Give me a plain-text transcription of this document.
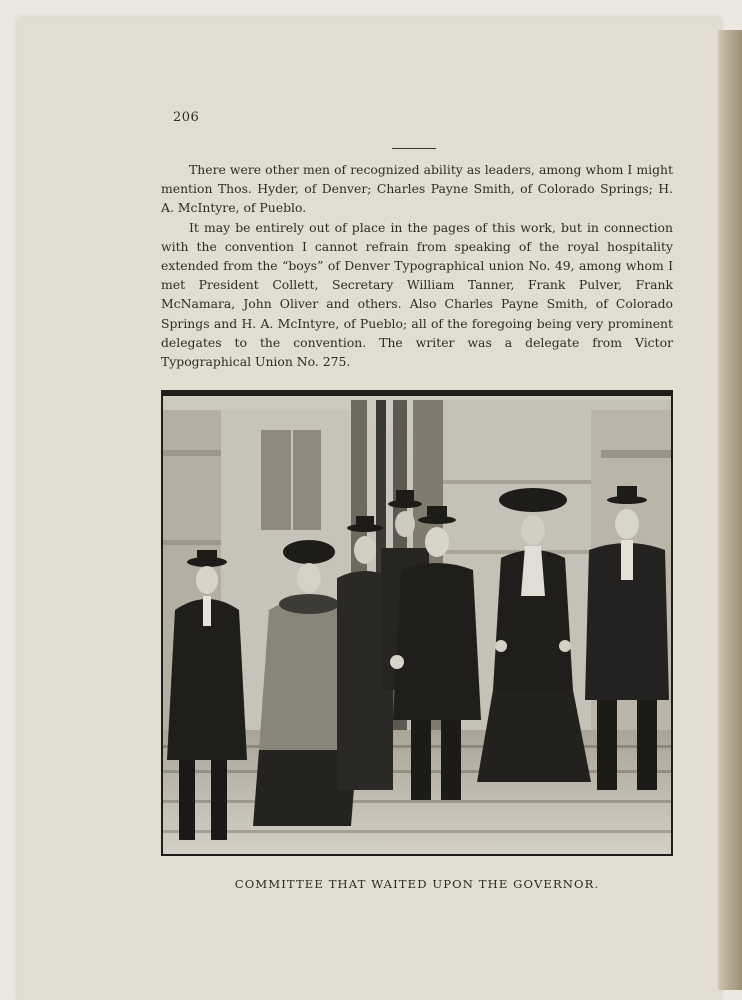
206

There were other men of recognized ability as leaders, among whom I might mention Thos. Hyder, of Denver; Charles Payne Smith, of Colorado Springs; H. A. McIntyre, of Pueblo.

It may be entirely out of place in the pages of this work, but in connection with the convention I cannot refrain from speaking of the royal hospitality extended from the “boys” of Denver Typographical union No. 49, among whom I met President Collett, Secretary William Tanner, Frank Pulver, Frank McNamara, John Oliver and others. Also Charles Payne Smith, of Colorado Springs and H. A. McIntyre, of Pueblo; all of the foregoing being very prominent delegates to the convention. The writer was a delegate from Victor Typographical Union No. 275.

COMMITTEE THAT WAITED UPON THE GOVERNOR.
